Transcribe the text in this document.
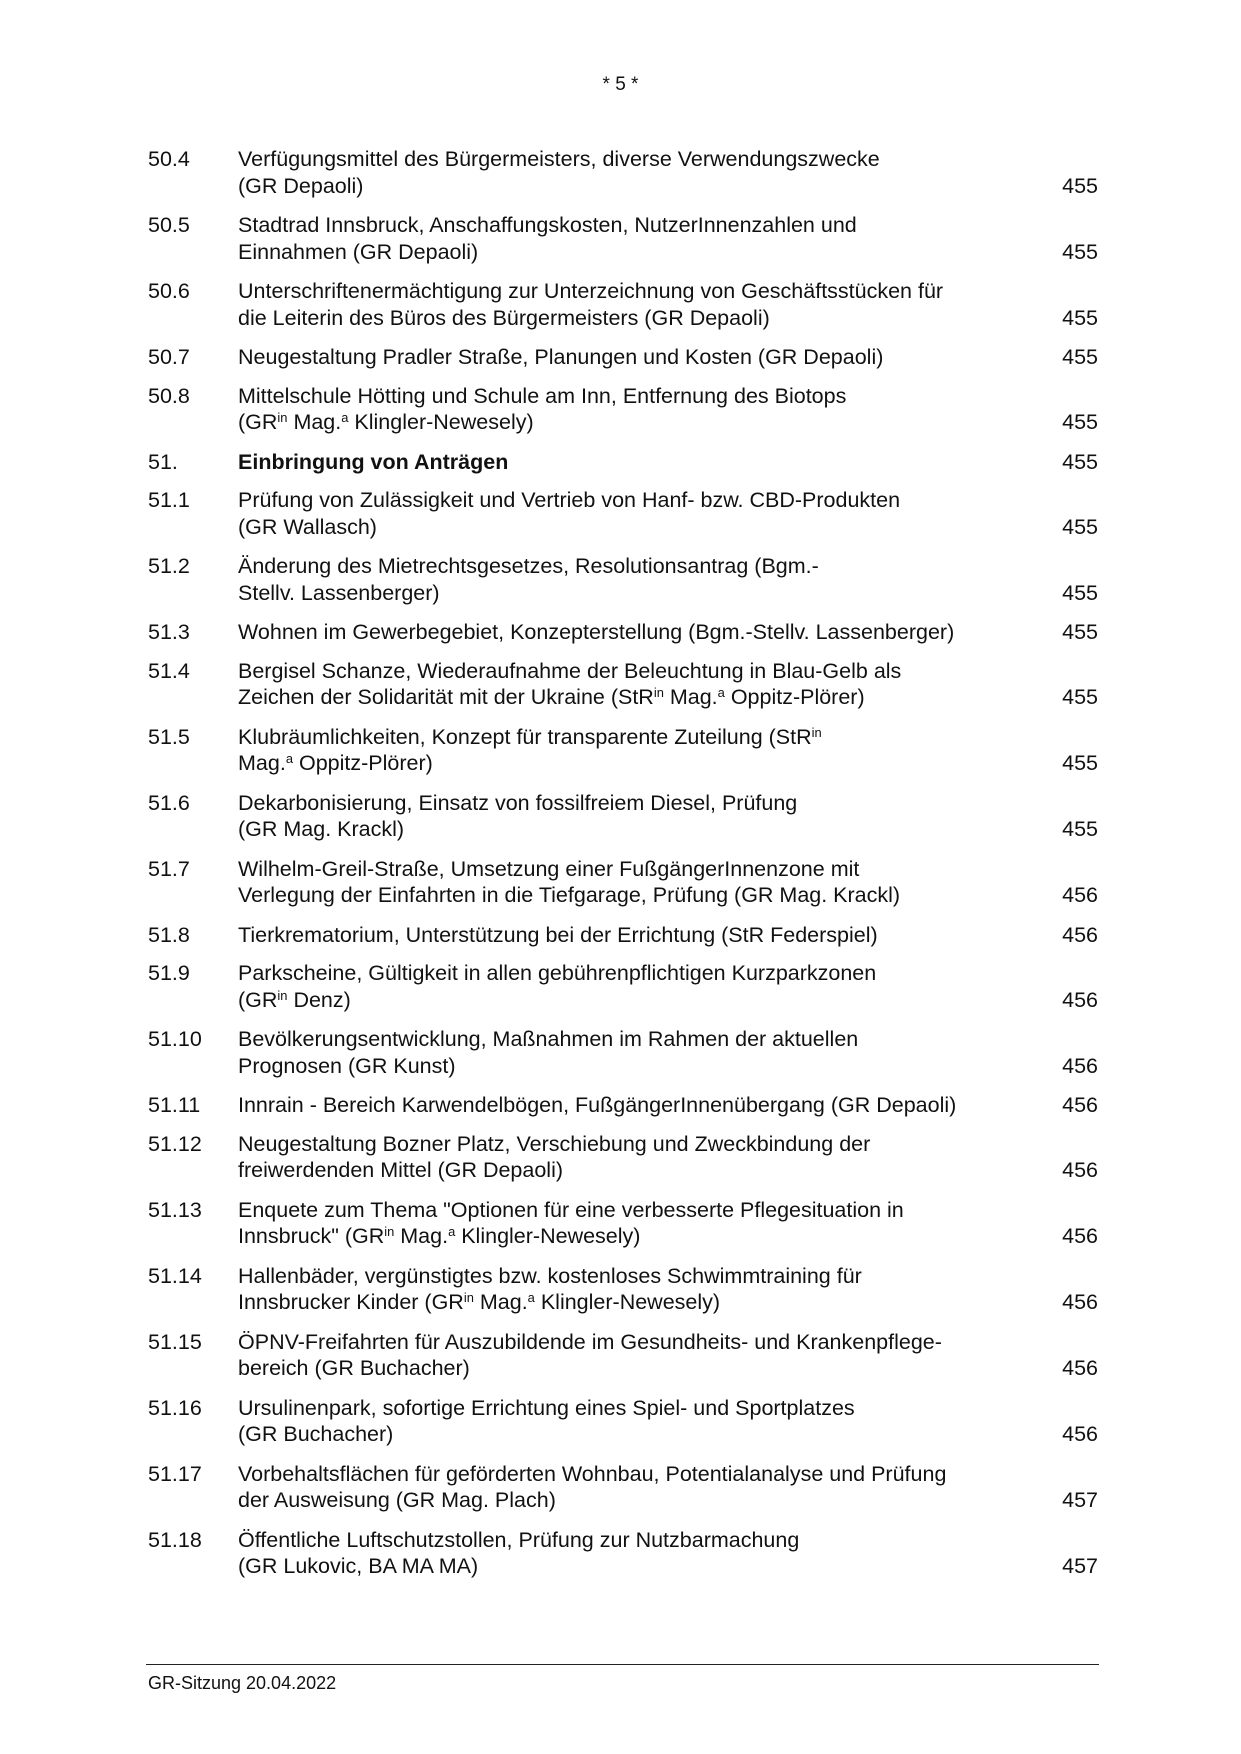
* 5 *
50.4	Verfügungsmittel des Bürgermeisters, diverse Verwendungszwecke
(GR Depaoli)	455
50.5	Stadtrad Innsbruck, Anschaffungskosten, NutzerInnenzahlen und
Einnahmen (GR Depaoli)	455
50.6	Unterschriftenermächtigung zur Unterzeichnung von Geschäftsstücken für
die Leiterin des Büros des Bürgermeisters (GR Depaoli)	455
50.7	Neugestaltung Pradler Straße, Planungen und Kosten (GR Depaoli)	455
50.8	Mittelschule Hötting und Schule am Inn, Entfernung des Biotops
($GR^{in}$ Mag.$^a$ Klingler-Newesely)	455
51.	Einbringung von Anträgen	455
51.1	Prüfung von Zulässigkeit und Vertrieb von Hanf- bzw. CBD-Produkten
(GR Wallasch)	455
51.2	Änderung des Mietrechtsgesetzes, Resolutionsantrag (Bgm.-
Stellv. Lassenberger)	455
51.3	Wohnen im Gewerbegebiet, Konzepterstellung (Bgm.-Stellv. Lassenberger)	455
51.4	Bergisel Schanze, Wiederaufnahme der Beleuchtung in Blau-Gelb als
Zeichen der Solidarität mit der Ukraine (StR$^{in}$ Mag.$^a$ Oppitz-Plörer)	455
51.5	Klubräumlichkeiten, Konzept für transparente Zuteilung (StR$^{in}$
Mag.$^a$ Oppitz-Plörer)	455
51.6	Dekarbonisierung, Einsatz von fossilfreiem Diesel, Prüfung
(GR Mag. Krackl)	455
51.7	Wilhelm-Greil-Straße, Umsetzung einer FußgängerInnenzone mit
Verlegung der Einfahrten in die Tiefgarage, Prüfung (GR Mag. Krackl)	456
51.8	Tierkrematorium, Unterstützung bei der Errichtung (StR Federspiel)	456
51.9	Parkscheine, Gültigkeit in allen gebührenpflichtigen Kurzparkzonen
($GR^{in}$ Denz)	456
51.10	Bevölkerungsentwicklung, Maßnahmen im Rahmen der aktuellen
Prognosen (GR Kunst)	456
51.11	Innrain - Bereich Karwendelbögen, FußgängerInnenübergang (GR Depaoli)	456
51.12	Neugestaltung Bozner Platz, Verschiebung und Zweckbindung der
freiwerdenden Mittel (GR Depaoli)	456
51.13	Enquete zum Thema "Optionen für eine verbesserte Pflegesituation in
Innsbruck" ($GR^{in}$ Mag.$^a$ Klingler-Newesely)	456
51.14	Hallenbäder, vergünstigtes bzw. kostenloses Schwimmtraining für
Innsbrucker Kinder ($GR^{in}$ Mag.$^a$ Klingler-Newesely)	456
51.15	ÖPNV-Freifahrten für Auszubildende im Gesundheits- und Krankenpflege-
bereich (GR Buchacher)	456
51.16	Ursulinenpark, sofortige Errichtung eines Spiel- und Sportplatzes
(GR Buchacher)	456
51.17	Vorbehaltsflächen für geförderten Wohnbau, Potentialanalyse und Prüfung
der Ausweisung (GR Mag. Plach)	457
51.18	Öffentliche Luftschutzstollen, Prüfung zur Nutzbarmachung
(GR Lukovic, BA MA MA)	457
GR-Sitzung 20.04.2022
